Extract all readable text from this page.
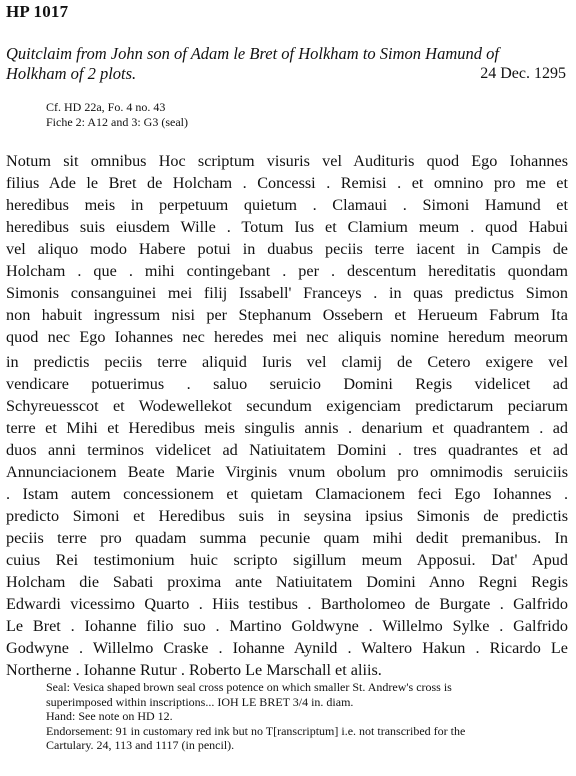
HP 1017
Quitclaim from John son of Adam le Bret of Holkham to Simon Hamund of
Holkham of 2 plots.	24 Dec. 1295
Cf. HD 22a, Fo. 4 no. 43
Fiche 2: A12 and 3: G3 (seal)
Notum sit omnibus Hoc scriptum visuris vel Audituris quod Ego Iohannes
filius Ade le Bret de Holcham . Concessi . Remisi . et omnino pro me et
heredibus meis in perpetuum quietum . Clamaui . Simoni Hamund et
heredibus suis eiusdem Wille . Totum Ius et Clamium meum . quod Habui
vel aliquo modo Habere potui in duabus peciis terre iacent in Campis de
Holcham . que . mihi contingebant . per . descentum hereditatis quondam
Simonis consanguinei mei filij Issabell' Franceys . in quas predictus Simon
non habuit ingressum nisi per Stephanum Ossebern et Herueum Fabrum Ita
quod nec Ego Iohannes nec heredes mei nec aliquis nomine heredum meorum
in predictis peciis terre aliquid Iuris vel clamij de Cetero exigere vel
vendicare potuerimus . saluo seruicio Domini Regis videlicet ad
Schyreuesscot et Wodewellekot secundum exigenciam predictarum peciarum
terre et Mihi et Heredibus meis singulis annis . denarium et quadrantem . ad
duos anni terminos videlicet ad Natiuitatem Domini . tres quadrantes et ad
Annunciacionem Beate Marie Virginis vnum obolum pro omnimodis seruiciis
. Istam autem concessionem et quietam Clamacionem feci Ego Iohannes .
predicto Simoni et Heredibus suis in seysina ipsius Simonis de predictis
peciis terre pro quadam summa pecunie quam mihi dedit premanibus. In
cuius Rei testimonium huic scripto sigillum meum Apposui. Dat' Apud
Holcham die Sabati proxima ante Natiuitatem Domini Anno Regni Regis
Edwardi vicessimo Quarto . Hiis testibus . Bartholomeo de Burgate . Galfrido
Le Bret . Iohanne filio suo . Martino Goldwyne . Willelmo Sylke . Galfrido
Godwyne . Willelmo Craske . Iohanne Aynild . Waltero Hakun . Ricardo Le
Northerne . Iohanne Rutur . Roberto Le Marschall et aliis.
Seal: Vesica shaped brown seal cross potence on which smaller St. Andrew's cross is
superimposed within inscriptions... IOH LE BRET 3/4 in. diam.
Hand: See note on HD 12.
Endorsement: 91 in customary red ink but no T[ranscriptum] i.e. not transcribed for the
Cartulary. 24, 113 and 1117 (in pencil).
